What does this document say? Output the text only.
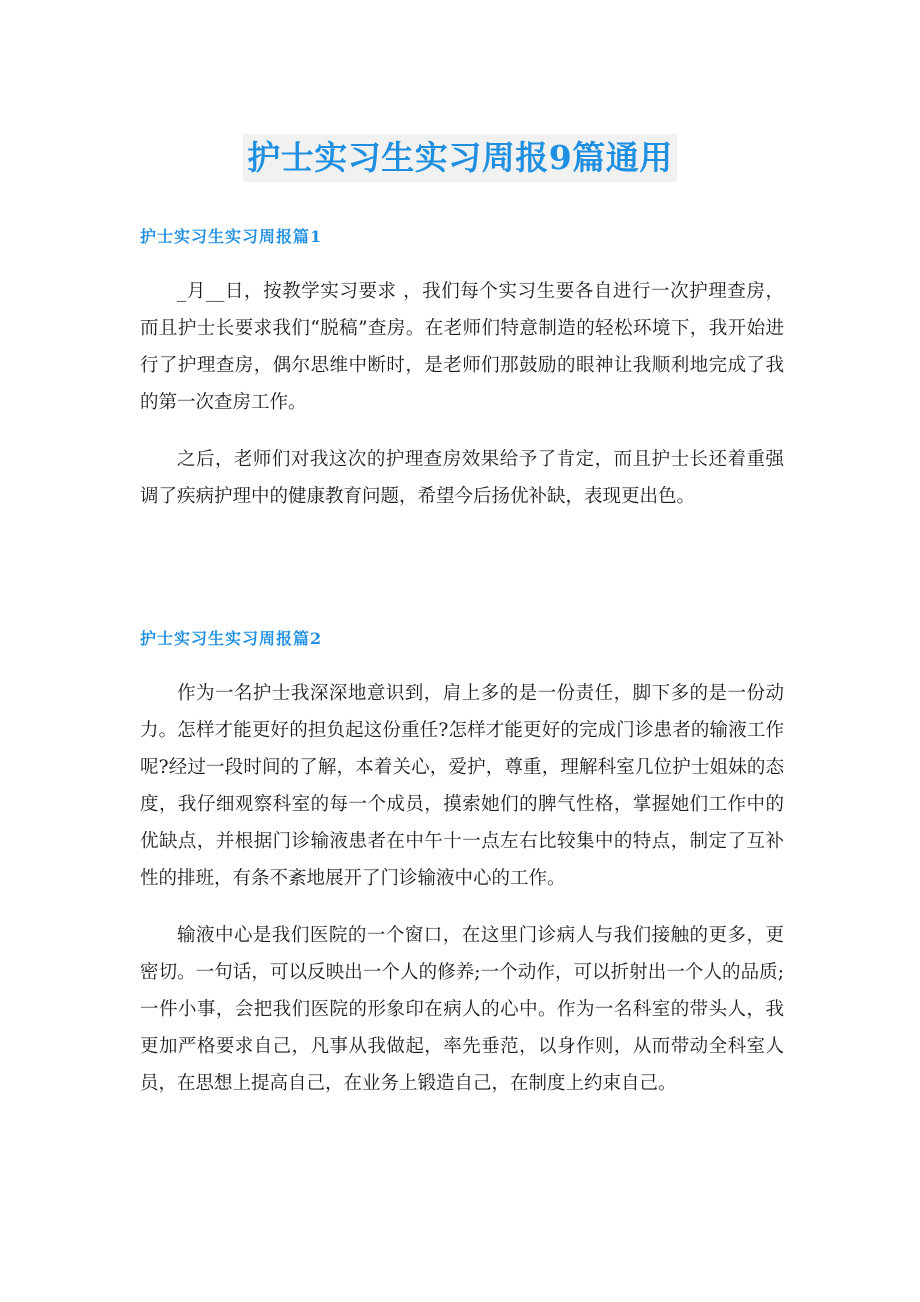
护士实习生实习周报9篇通用
护士实习生实习周报篇1

_月__日，按教学实习要求 ，我们每个实习生要各自进行一次护理查房，而且护士长要求我们“脱稿”查房。在老师们特意制造的轻松环境下，我开始进行了护理查房，偶尔思维中断时，是老师们那鼓励的眼神让我顺利地完成了我的第一次查房工作。

之后，老师们对我这次的护理查房效果给予了肯定，而且护士长还着重强调了疾病护理中的健康教育问题，希望今后扬优补缺，表现更出色。

护士实习生实习周报篇2

作为一名护士我深深地意识到，肩上多的是一份责任，脚下多的是一份动力。怎样才能更好的担负起这份重任?怎样才能更好的完成门诊患者的输液工作呢?经过一段时间的了解，本着关心，爱护，尊重，理解科室几位护士姐妹的态度，我仔细观察科室的每一个成员，摸索她们的脾气性格，掌握她们工作中的优缺点，并根据门诊输液患者在中午十一点左右比较集中的特点，制定了互补性的排班，有条不紊地展开了门诊输液中心的工作。

输液中心是我们医院的一个窗口，在这里门诊病人与我们接触的更多，更密切。一句话，可以反映出一个人的修养;一个动作，可以折射出一个人的品质;一件小事，会把我们医院的形象印在病人的心中。作为一名科室的带头人，我更加严格要求自己，凡事从我做起，率先垂范，以身作则，从而带动全科室人员，在思想上提高自己，在业务上锻造自己，在制度上约束自己。
